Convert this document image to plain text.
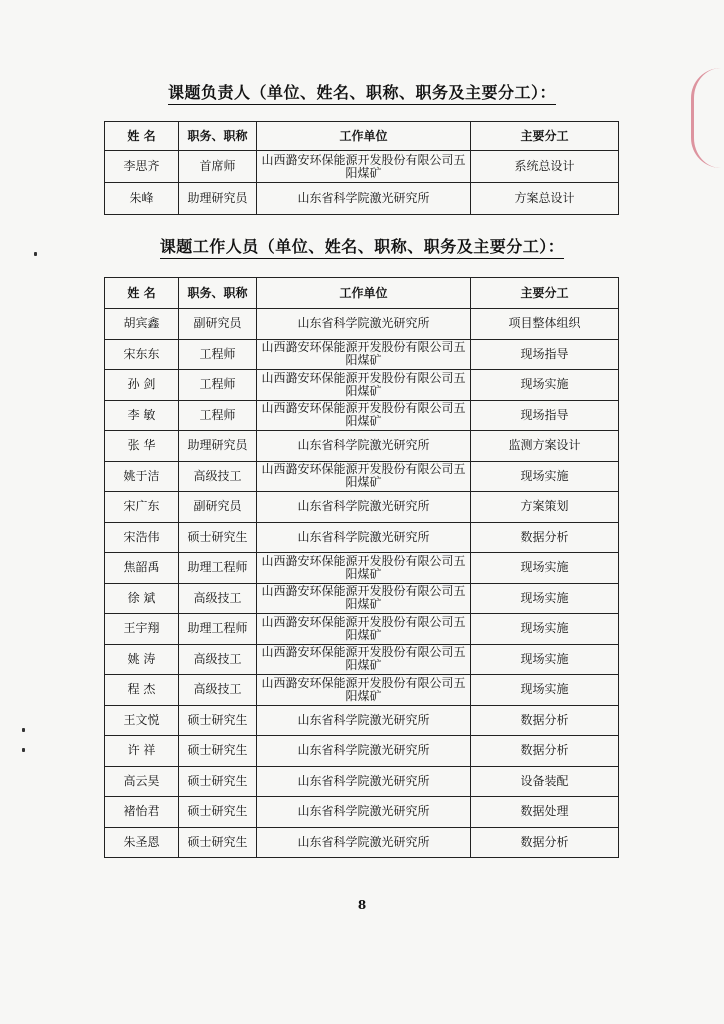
课题负责人（单位、姓名、职称、职务及主要分工）：
姓 名	职务、职称	工作单位	主要分工
李思齐	首席师	山西潞安环保能源开发股份有限公司五阳煤矿	系统总设计
朱峰	助理研究员	山东省科学院激光研究所	方案总设计
课题工作人员（单位、姓名、职称、职务及主要分工）：
姓 名	职务、职称	工作单位	主要分工
胡宾鑫	副研究员	山东省科学院激光研究所	项目整体组织
宋东东	工程师	山西潞安环保能源开发股份有限公司五阳煤矿	现场指导
孙 剑	工程师	山西潞安环保能源开发股份有限公司五阳煤矿	现场实施
李 敏	工程师	山西潞安环保能源开发股份有限公司五阳煤矿	现场指导
张 华	助理研究员	山东省科学院激光研究所	监测方案设计
姚于洁	高级技工	山西潞安环保能源开发股份有限公司五阳煤矿	现场实施
宋广东	副研究员	山东省科学院激光研究所	方案策划
宋浩伟	硕士研究生	山东省科学院激光研究所	数据分析
焦韶禹	助理工程师	山西潞安环保能源开发股份有限公司五阳煤矿	现场实施
徐 斌	高级技工	山西潞安环保能源开发股份有限公司五阳煤矿	现场实施
王宇翔	助理工程师	山西潞安环保能源开发股份有限公司五阳煤矿	现场实施
姚 涛	高级技工	山西潞安环保能源开发股份有限公司五阳煤矿	现场实施
程 杰	高级技工	山西潞安环保能源开发股份有限公司五阳煤矿	现场实施
王文悦	硕士研究生	山东省科学院激光研究所	数据分析
许 祥	硕士研究生	山东省科学院激光研究所	数据分析
高云昊	硕士研究生	山东省科学院激光研究所	设备装配
褚怡君	硕士研究生	山东省科学院激光研究所	数据处理
朱圣恩	硕士研究生	山东省科学院激光研究所	数据分析
8
